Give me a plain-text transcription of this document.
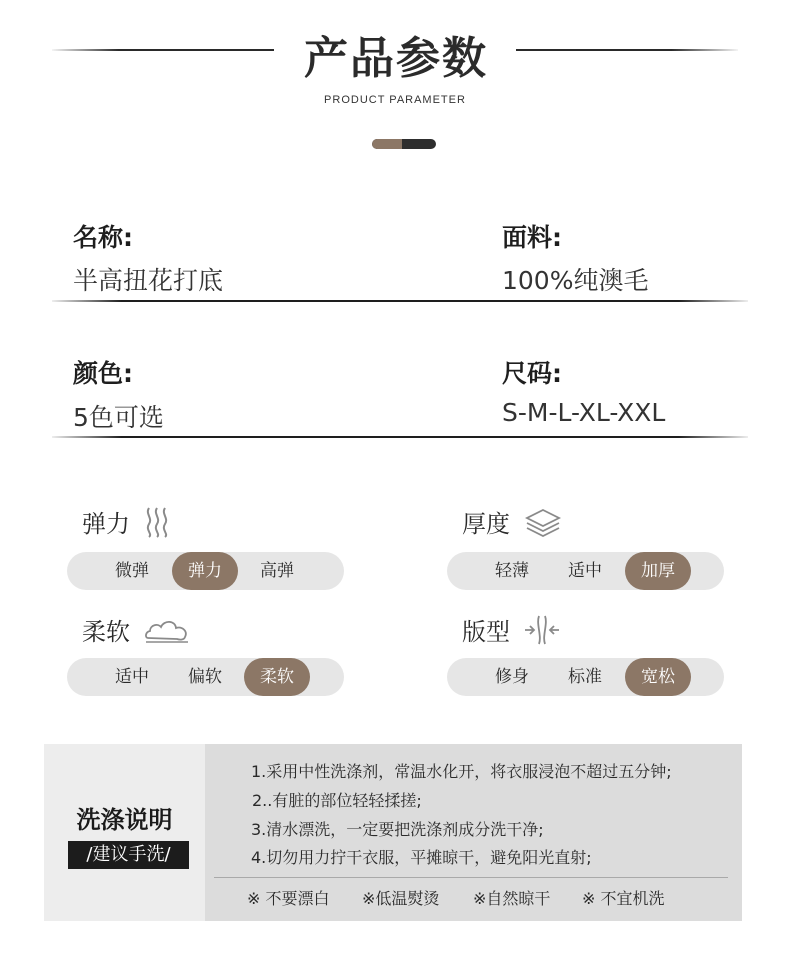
产品参数
PRODUCT PARAMETER
名称:
半高扭花打底
面料:
100%纯澳毛
颜色:
5色可选
尺码:
S-M-L-XL-XXL
弹力
微弹	弹力	高弹
厚度
轻薄	适中	加厚
柔软
适中	偏软	柔软
版型
修身	标准	宽松
洗涤说明
/建议手洗/
1.采用中性洗涤剂，常温水化开，将衣服浸泡不超过五分钟;
2..有脏的部位轻轻揉搓;
3.清水漂洗，一定要把洗涤剂成分洗干净;
4.切勿用力拧干衣服，平摊晾干，避免阳光直射;
※ 不要漂白 ※低温熨烫 ※自然晾干 ※ 不宜机洗
